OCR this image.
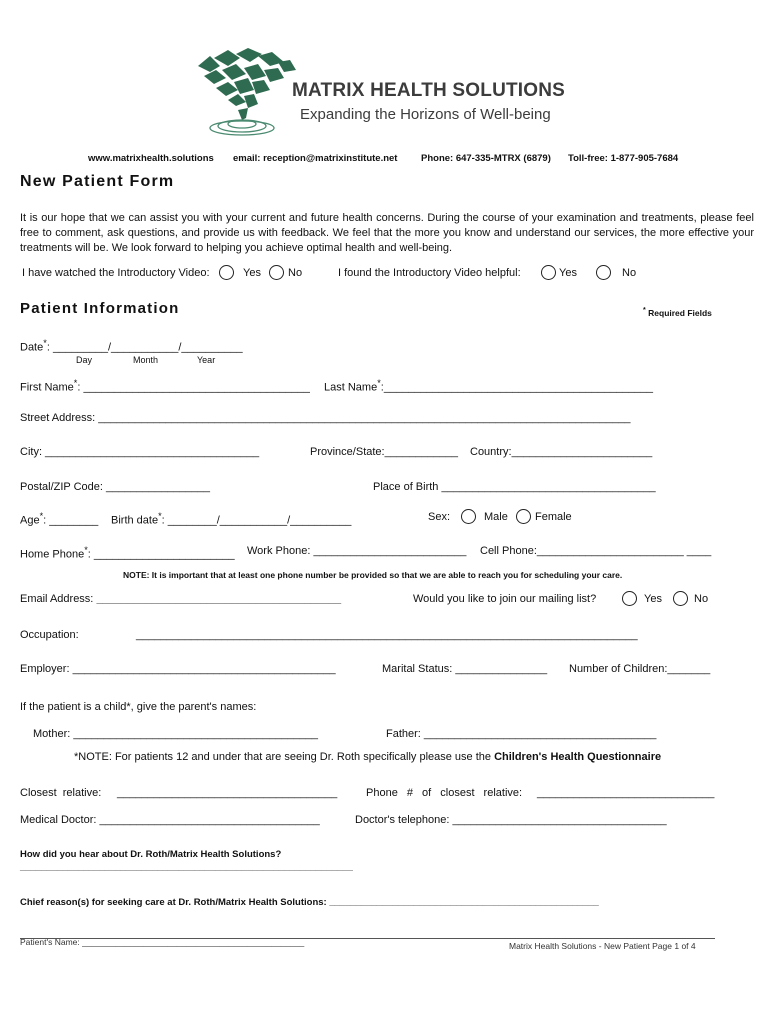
MATRIX HEALTH SOLUTIONS
Expanding the Horizons of Well-being
www.matrixhealth.solutions email: reception@matrixinstitute.net Phone: 647-335-MTRX (6879) Toll-free: 1-877-905-7684
New Patient Form
It is our hope that we can assist you with your current and future health concerns. During the course of your examination and treatments, please feel free to comment, ask questions, and provide us with feedback. We feel that the more you know and understand our services, the more effective your treatments will be. We look forward to helping you achieve optimal health and well-being.
I have watched the Introductory Video:	Yes No	I found the Introductory Video helpful:	Yes	No
Patient Information	* Required Fields
Date*: _________/___________/__________
Day	Month	Year
First Name*: _____________________________________ Last Name*:____________________________________________
Street Address: _______________________________________________________________________________________
City: ___________________________________	Province/State:____________ Country:_______________________
Postal/ZIP Code: _________________	Place of Birth ___________________________________
Age*: ________ Birth date*: ________/___________/__________	Sex:	Male Female
Home Phone*: _______________________ Work Phone: _________________________ Cell Phone:________________________ ____
NOTE: It is important that at least one phone number be provided so that we are able to reach you for scheduling your care.
Email Address: ________________________________________	Would you like to join our mailing list?	Yes	No
Occupation:	__________________________________________________________________________________
Employer: ___________________________________________	Marital Status: _______________ Number of Children:_______
If the patient is a child*, give the parent's names:
Mother: ________________________________________	Father: ______________________________________
*NOTE: For patients 12 and under that are seeing Dr. Roth specifically please use the Children's Health Questionnaire
Closest relative: ____________________________________	Phone # of closest relative: _____________________________
Medical Doctor: ____________________________________	Doctor's telephone: ___________________________________
How did you hear about Dr. Roth/Matrix Health Solutions?
_______________________________________________________________
Chief reason(s) for seeking care at Dr. Roth/Matrix Health Solutions: ___________________________________________________
Patient's Name: _______________________________________________	Matrix Health Solutions - New Patient Page 1 of 4
